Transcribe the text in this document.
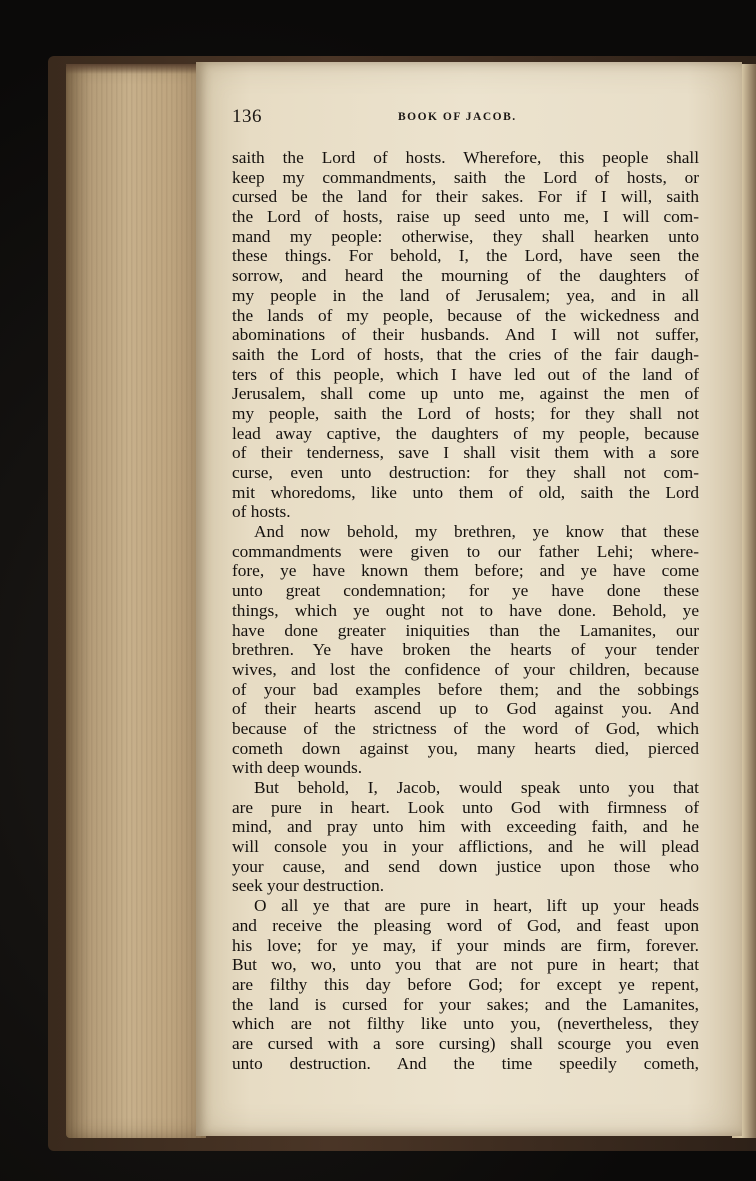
136	BOOK OF JACOB.
saith the Lord of hosts. Wherefore, this people shall
keep my commandments, saith the Lord of hosts, or
cursed be the land for their sakes. For if I will, saith
the Lord of hosts, raise up seed unto me, I will com-
mand my people: otherwise, they shall hearken unto
these things. For behold, I, the Lord, have seen the
sorrow, and heard the mourning of the daughters of
my people in the land of Jerusalem; yea, and in all
the lands of my people, because of the wickedness and
abominations of their husbands. And I will not suffer,
saith the Lord of hosts, that the cries of the fair daugh-
ters of this people, which I have led out of the land of
Jerusalem, shall come up unto me, against the men of
my people, saith the Lord of hosts; for they shall not
lead away captive, the daughters of my people, because
of their tenderness, save I shall visit them with a sore
curse, even unto destruction: for they shall not com-
mit whoredoms, like unto them of old, saith the Lord
of hosts.
And now behold, my brethren, ye know that these
commandments were given to our father Lehi; where-
fore, ye have known them before; and ye have come
unto great condemnation; for ye have done these
things, which ye ought not to have done. Behold, ye
have done greater iniquities than the Lamanites, our
brethren. Ye have broken the hearts of your tender
wives, and lost the confidence of your children, because
of your bad examples before them; and the sobbings
of their hearts ascend up to God against you. And
because of the strictness of the word of God, which
cometh down against you, many hearts died, pierced
with deep wounds.
But behold, I, Jacob, would speak unto you that
are pure in heart. Look unto God with firmness of
mind, and pray unto him with exceeding faith, and he
will console you in your afflictions, and he will plead
your cause, and send down justice upon those who
seek your destruction.
O all ye that are pure in heart, lift up your heads
and receive the pleasing word of God, and feast upon
his love; for ye may, if your minds are firm, forever.
But wo, wo, unto you that are not pure in heart; that
are filthy this day before God; for except ye repent,
the land is cursed for your sakes; and the Lamanites,
which are not filthy like unto you, (nevertheless, they
are cursed with a sore cursing) shall scourge you even
unto destruction. And the time speedily cometh,
